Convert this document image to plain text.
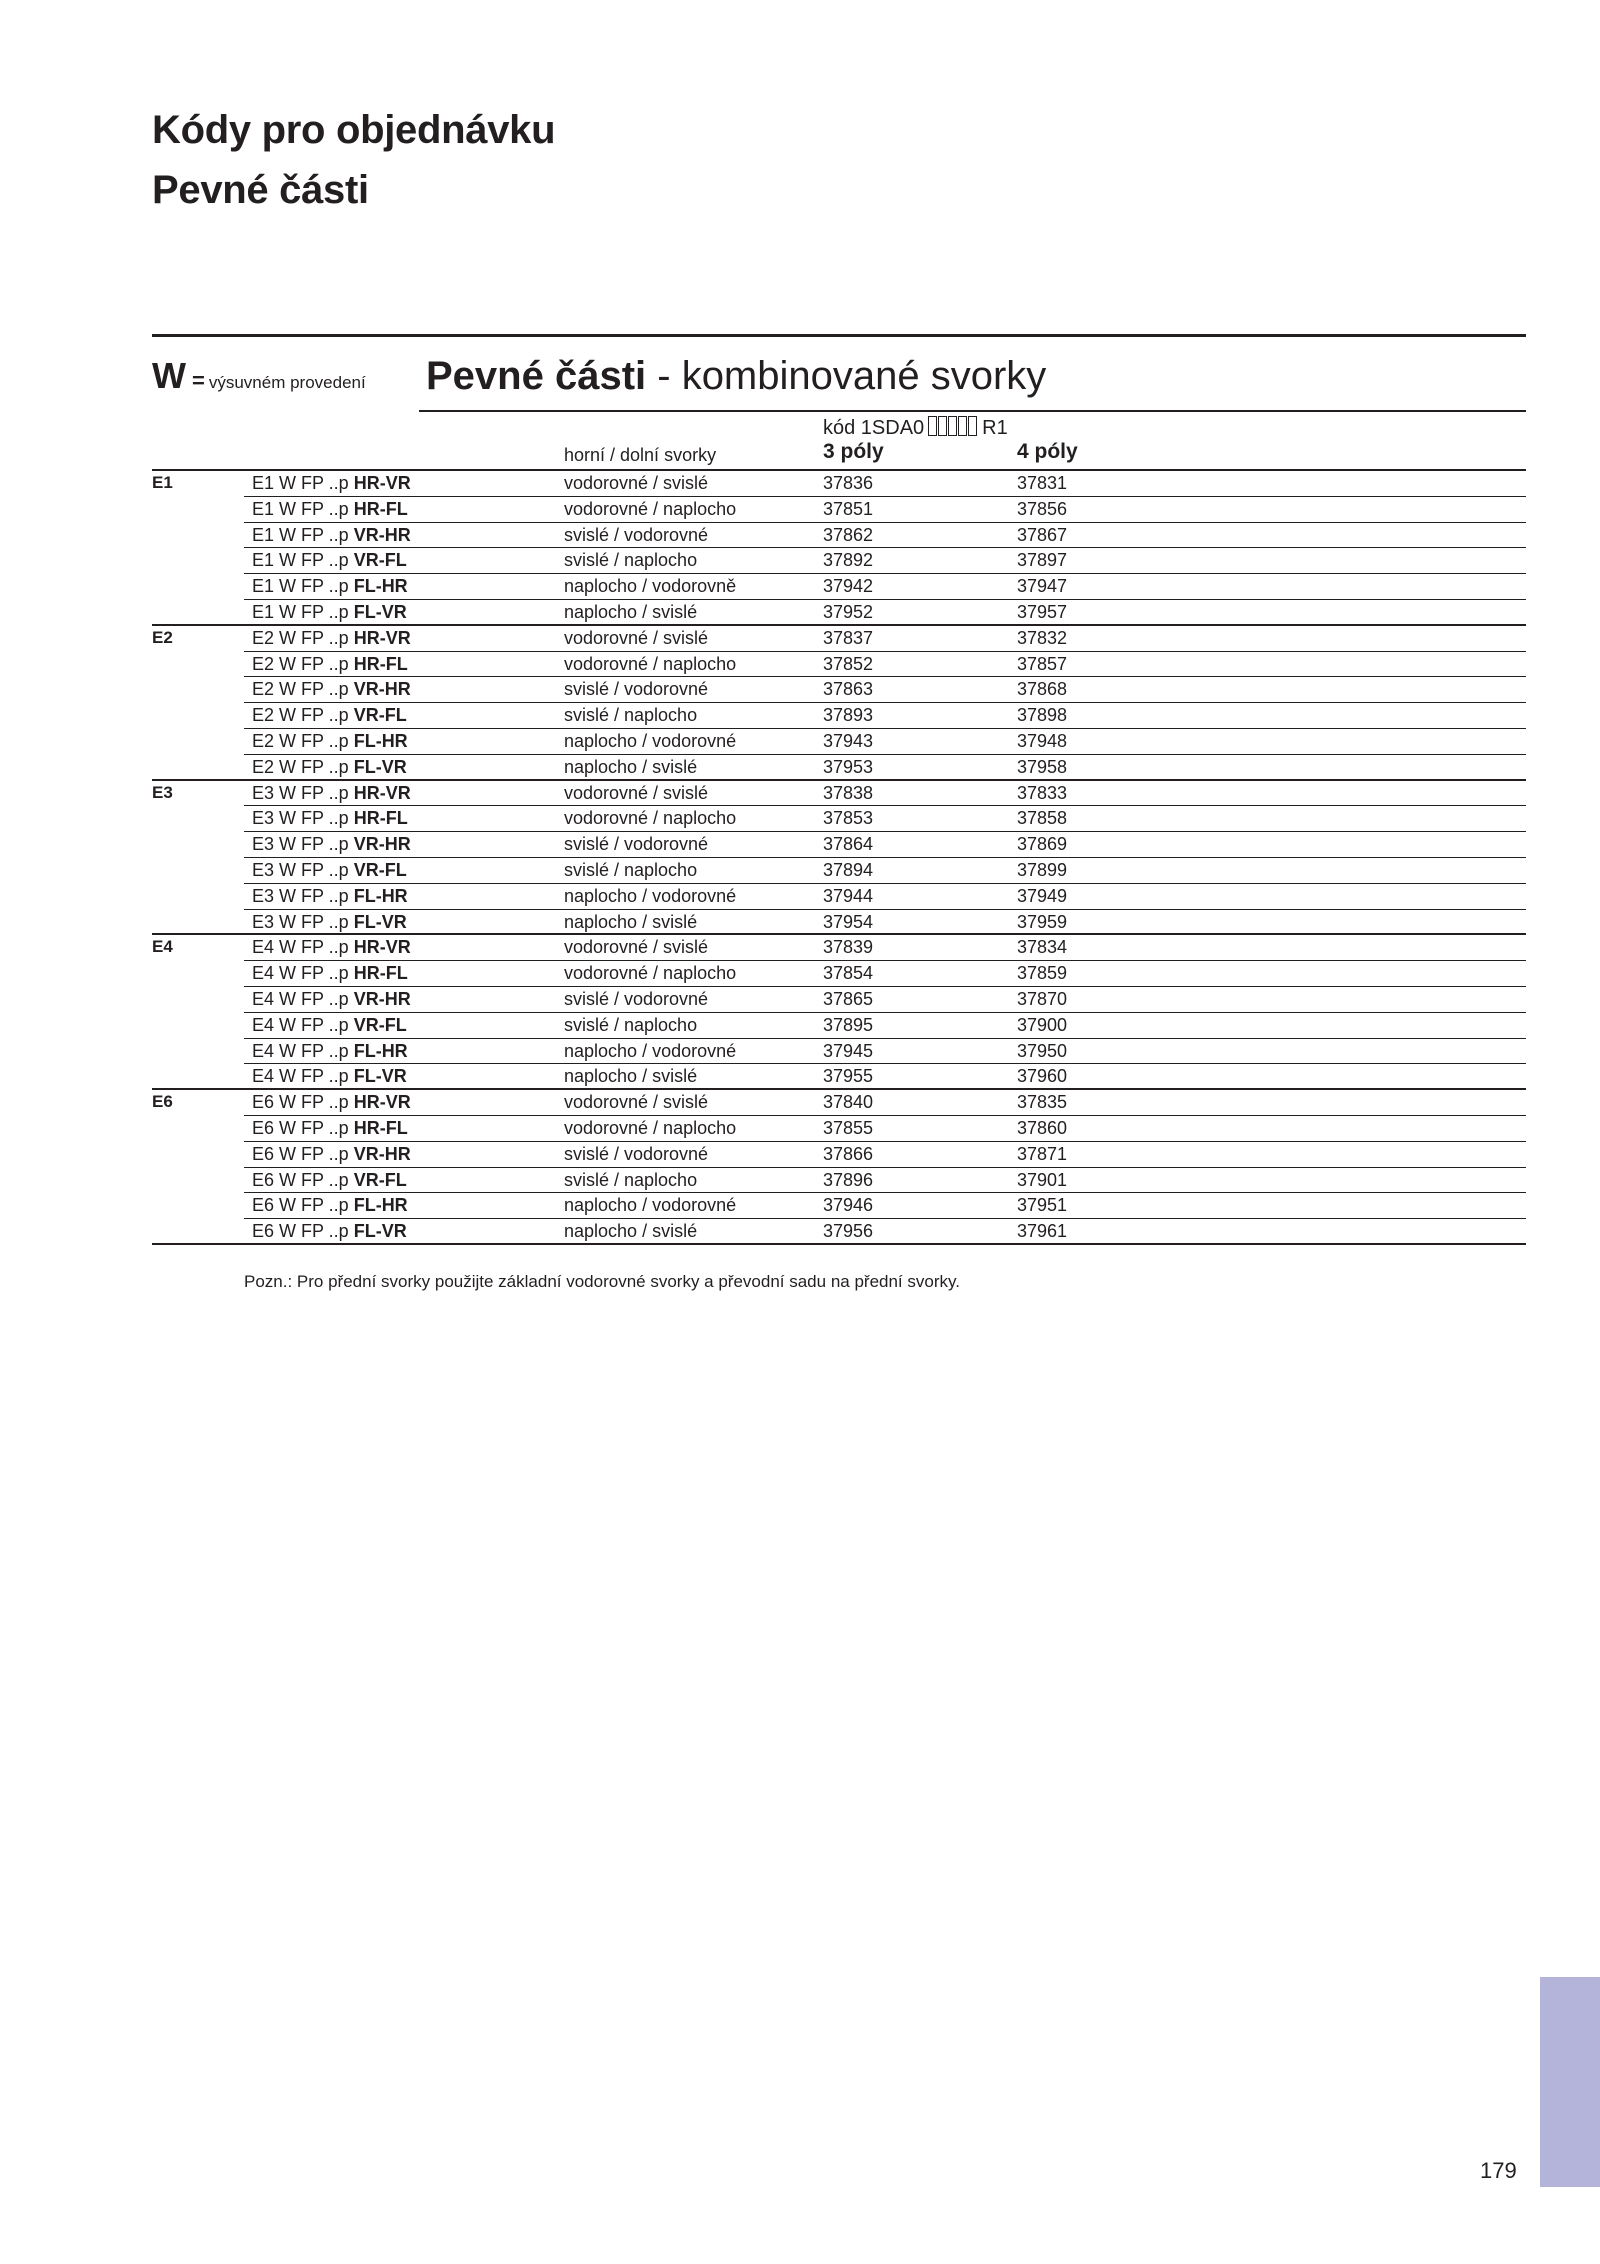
Kódy pro objednávku
Pevné části
W = výsuvném provedení Pevné části - kombinované svorky
kód 1SDA0	R1
horní / dolní svorky	3 póly	4 póly
E1	E1 W FP ..p HR-VR	vodorovné / svislé	37836	37831
E1 W FP ..p HR-FL	vodorovné / naplocho	37851	37856
E1 W FP ..p VR-HR	svislé / vodorovné	37862	37867
E1 W FP ..p VR-FL	svislé / naplocho	37892	37897
E1 W FP ..p FL-HR	naplocho / vodorovně	37942	37947
E1 W FP ..p FL-VR	naplocho / svislé	37952	37957
E2	E2 W FP ..p HR-VR	vodorovné / svislé	37837	37832
E2 W FP ..p HR-FL	vodorovné / naplocho	37852	37857
E2 W FP ..p VR-HR	svislé / vodorovné	37863	37868
E2 W FP ..p VR-FL	svislé / naplocho	37893	37898
E2 W FP ..p FL-HR	naplocho / vodorovné	37943	37948
E2 W FP ..p FL-VR	naplocho / svislé	37953	37958
E3	E3 W FP ..p HR-VR	vodorovné / svislé	37838	37833
E3 W FP ..p HR-FL	vodorovné / naplocho	37853	37858
E3 W FP ..p VR-HR	svislé / vodorovné	37864	37869
E3 W FP ..p VR-FL	svislé / naplocho	37894	37899
E3 W FP ..p FL-HR	naplocho / vodorovné	37944	37949
E3 W FP ..p FL-VR	naplocho / svislé	37954	37959
E4	E4 W FP ..p HR-VR	vodorovné / svislé	37839	37834
E4 W FP ..p HR-FL	vodorovné / naplocho	37854	37859
E4 W FP ..p VR-HR	svislé / vodorovné	37865	37870
E4 W FP ..p VR-FL	svislé / naplocho	37895	37900
E4 W FP ..p FL-HR	naplocho / vodorovné	37945	37950
E4 W FP ..p FL-VR	naplocho / svislé	37955	37960
E6	E6 W FP ..p HR-VR	vodorovné / svislé	37840	37835
E6 W FP ..p HR-FL	vodorovné / naplocho	37855	37860
E6 W FP ..p VR-HR	svislé / vodorovné	37866	37871
E6 W FP ..p VR-FL	svislé / naplocho	37896	37901
E6 W FP ..p FL-HR	naplocho / vodorovné	37946	37951
E6 W FP ..p FL-VR	naplocho / svislé	37956	37961
Pozn.: Pro přední svorky použijte základní vodorovné svorky a převodní sadu na přední svorky.
179
